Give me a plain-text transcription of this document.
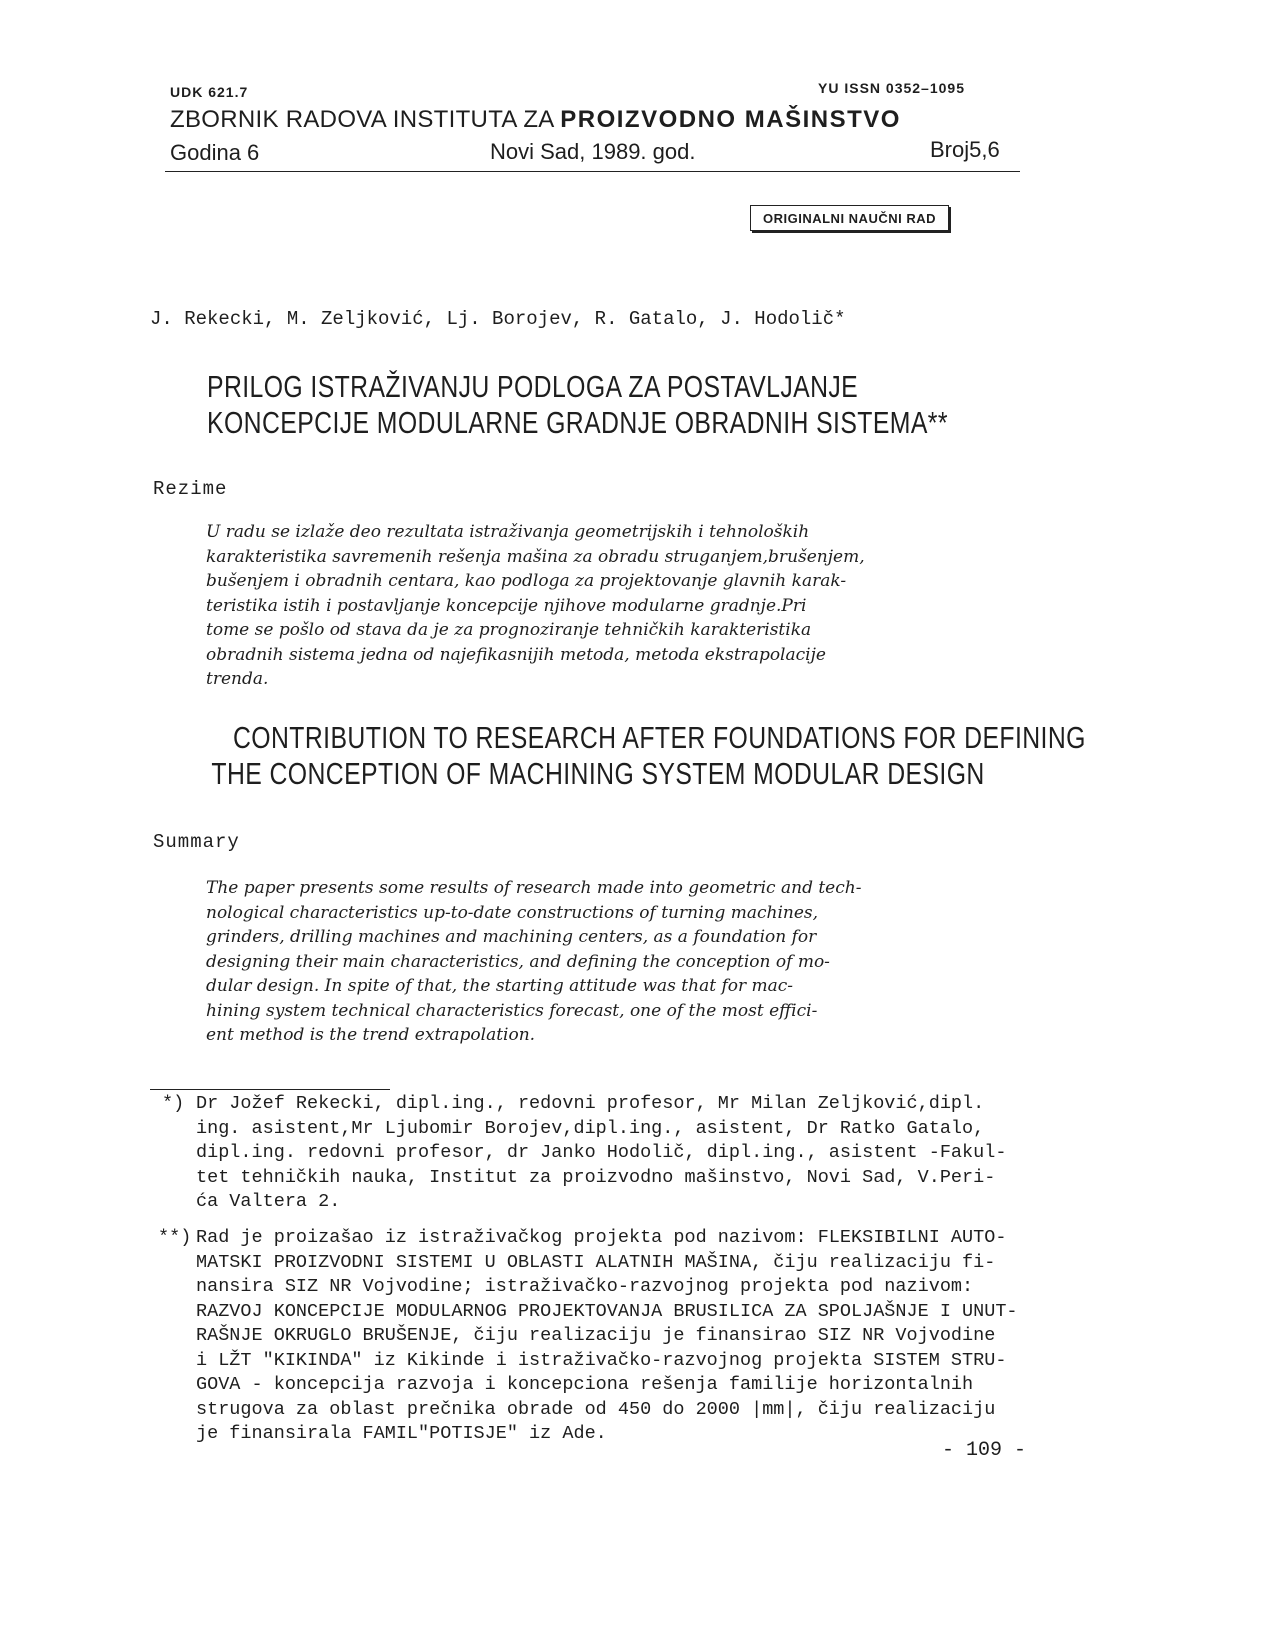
UDK 621.7	YU ISSN 0352–1095
ZBORNIK RADOVA INSTITUTA ZA PROIZVODNO MAŠINSTVO
Godina 6	Novi Sad, 1989. god.	Broj5,6
ORIGINALNI NAUČNI RAD
J. Rekecki, M. Zeljković, Lj. Borojev, R. Gatalo, J. Hodolič*
PRILOG ISTRAŽIVANJU PODLOGA ZA POSTAVLJANJE
KONCEPCIJE MODULARNE GRADNJE OBRADNIH SISTEMA**
Rezime
U radu se izlaže deo rezultata istraživanja geometrijskih i tehnoloških
karakteristika savremenih rešenja mašina za obradu struganjem,brušenjem,
bušenjem i obradnih centara, kao podloga za projektovanje glavnih karak-
teristika istih i postavljanje koncepcije njihove modularne gradnje.Pri
tome se pošlo od stava da je za prognoziranje tehničkih karakteristika
obradnih sistema jedna od najefikasnijih metoda, metoda ekstrapolacije
trenda.
CONTRIBUTION TO RESEARCH AFTER FOUNDATIONS FOR DEFINING
THE CONCEPTION OF MACHINING SYSTEM MODULAR DESIGN
Summary
The paper presents some results of research made into geometric and tech-
nological characteristics up-to-date constructions of turning machines,
grinders, drilling machines and machining centers, as a foundation for
designing their main characteristics, and defining the conception of mo-
dular design. In spite of that, the starting attitude was that for mac-
hining system technical characteristics forecast, one of the most effici-
ent method is the trend extrapolation.
*) Dr Jožef Rekecki, dipl.ing., redovni profesor, Mr Milan Zeljković,dipl.
ing. asistent,Mr Ljubomir Borojev,dipl.ing., asistent, Dr Ratko Gatalo,
dipl.ing. redovni profesor, dr Janko Hodolič, dipl.ing., asistent -Fakul-
tet tehničkih nauka, Institut za proizvodno mašinstvo, Novi Sad, V.Peri-
ća Valtera 2.
**) Rad je proizašao iz istraživačkog projekta pod nazivom: FLEKSIBILNI AUTO-
MATSKI PROIZVODNI SISTEMI U OBLASTI ALATNIH MAŠINA, čiju realizaciju fi-
nansira SIZ NR Vojvodine; istraživačko-razvojnog projekta pod nazivom:
RAZVOJ KONCEPCIJE MODULARNOG PROJEKTOVANJA BRUSILICA ZA SPOLJAŠNJE I UNUT-
RAŠNJE OKRUGLO BRUŠENJE, čiju realizaciju je finansirao SIZ NR Vojvodine
i LŽT "KIKINDA" iz Kikinde i istraživačko-razvojnog projekta SISTEM STRU-
GOVA - koncepcija razvoja i koncepciona rešenja familije horizontalnih
strugova za oblast prečnika obrade od 450 do 2000 |mm|, čiju realizaciju
je finansirala FAMIL"POTISJE" iz Ade.
- 109 -
